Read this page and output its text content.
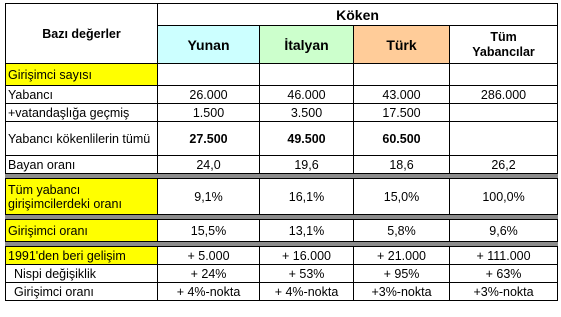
Bazı değerler	Köken			
	Yunan	İtalyan	Türk	Tüm
Yabancılar
Girişimci sayısı				
Yabancı	26.000	46.000	43.000	286.000
+vatandaşlığa geçmiş	1.500	3.500	17.500	
Yabancı kökenlilerin tümü	27.500	49.500	60.500	
Bayan oranı	24,0	19,6	18,6	26,2

Tüm yabancı girişimcilerdeki oranı	9,1%	16,1%	15,0%	100,0%

Girişimci oranı	15,5%	13,1%	5,8%	9,6%

1991'den beri gelişim	+ 5.000	+ 16.000	+ 21.000	+ 111.000
Nispi değişiklik	+ 24%	+ 53%	+ 95%	+ 63%
Girişimci oranı	+ 4%-nokta	+ 4%-nokta	+3%-nokta	+3%-nokta
